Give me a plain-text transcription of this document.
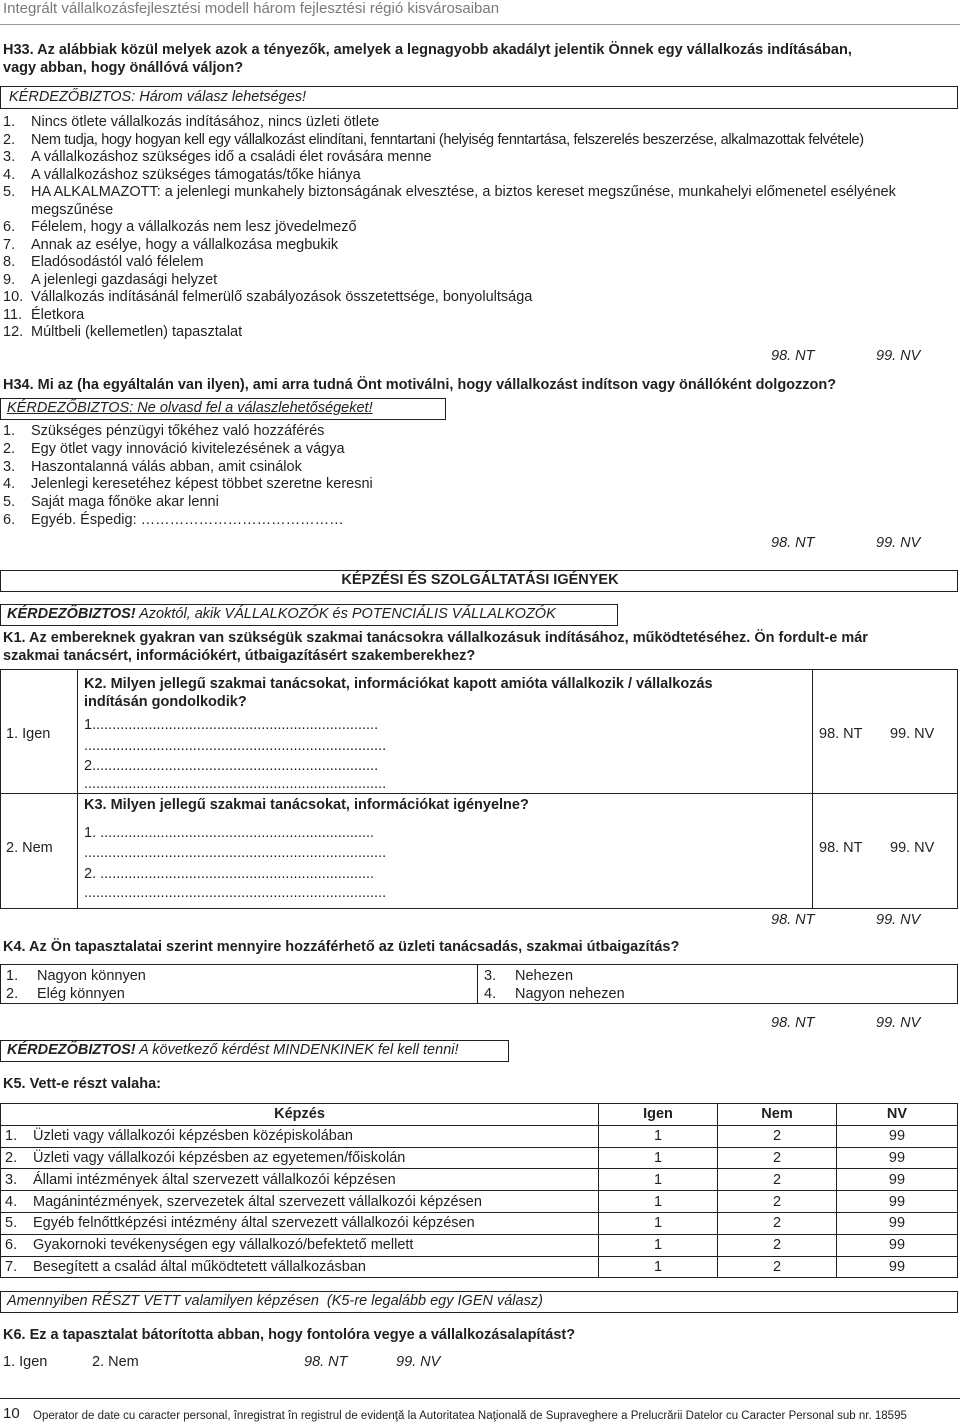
Integrált vállalkozásfejlesztési modell három fejlesztési régió kisvárosaiban
H33. Az alábbiak közül melyek azok a tényezők, amelyek a legnagyobb akadályt jelentik Önnek egy vállalkozás indításában,
vagy abban, hogy önállóvá váljon?
KÉRDEZŐBIZTOS: Három válasz lehetséges!
1.	Nincs ötlete vállalkozás indításához, nincs üzleti ötlete
2.	Nem tudja, hogy hogyan kell egy vállalkozást elindítani, fenntartani (helyiség fenntartása, felszerelés beszerzése, alkalmazottak felvétele)
3.	A vállalkozáshoz szükséges idő a családi élet rovására menne
4.	A vállalkozáshoz szükséges támogatás/tőke hiánya
5.	HA ALKALMAZOTT: a jelenlegi munkahely biztonságának elvesztése, a biztos kereset megszűnése, munkahelyi előmenetel esélyének megszűnése
6.	Félelem, hogy a vállalkozás nem lesz jövedelmező
7.	Annak az esélye, hogy a vállalkozása megbukik
8.	Eladósodástól való félelem
9.	A jelenlegi gazdasági helyzet
10. Vállalkozás indításánál felmerülő szabályozások összetettsége, bonyolultsága
11. Életkora
12. Múltbeli (kellemetlen) tapasztalat
98. NT	99. NV
H34. Mi az (ha egyáltalán van ilyen), ami arra tudná Önt motiválni, hogy vállalkozást indítson vagy önállóként dolgozzon?
KÉRDEZŐBIZTOS: Ne olvasd fel a válaszlehetőségeket!
1.	Szükséges pénzügyi tőkéhez való hozzáférés
2.	Egy ötlet vagy innováció kivitelezésének a vágya
3.	Haszontalanná válás abban, amit csinálok
4.	Jelenlegi keresetéhez képest többet szeretne keresni
5.	Saját maga főnöke akar lenni
6.	Egyéb. Éspedig: ……………………………………
98. NT	99. NV
KÉPZÉSI ÉS SZOLGÁLTATÁSI IGÉNYEK
KÉRDEZŐBIZTOS! Azoktól, akik VÁLLALKOZÓK és POTENCIÁLIS VÁLLALKOZÓK
K1. Az embereknek gyakran van szükségük szakmai tanácsokra vállalkozásuk indításához, működtetéséhez. Ön fordult-e már
szakmai tanácsért, információkért, útbaigazításért szakemberekhez?
1. Igen
2. Nem
K2. Milyen jellegű szakmai tanácsokat, információkat kapott amióta vállalkozik / vállalkozás
indításán gondolkodik?
1.......................................................................
...........................................................................
2.......................................................................
...........................................................................
98. NT 99. NV
K3. Milyen jellegű szakmai tanácsokat, információkat igényelne?
1. ....................................................................
...........................................................................
2. ....................................................................
...........................................................................
98. NT 99. NV
98. NT	99. NV
K4. Az Ön tapasztalatai szerint mennyire hozzáférhető az üzleti tanácsadás, szakmai útbaigazítás?
1. Nagyon könnyen
2. Elég könnyen
3. Nehezen
4. Nagyon nehezen
98. NT	99. NV
KÉRDEZŐBIZTOS! A következő kérdést MINDENKINEK fel kell tenni!
K5. Vett-e részt valaha:
Képzés	Igen	Nem	NV
1. Üzleti vagy vállalkozói képzésben középiskolában	1	2	99
2. Üzleti vagy vállalkozói képzésben az egyetemen/főiskolán	1	2	99
3. Állami intézmények által szervezett vállalkozói képzésen	1	2	99
4. Magánintézmények, szervezetek által szervezett vállalkozói képzésen	1	2	99
5. Egyéb felnőttképzési intézmény által szervezett vállalkozói képzésen	1	2	99
6. Gyakornoki tevékenységen egy vállalkozó/befektető mellett	1	2	99
7. Besegített a család által működtetett vállalkozásban	1	2	99
Amennyiben RÉSZT VETT valamilyen képzésen  (K5-re legalább egy IGEN válasz)
K6. Ez a tapasztalat bátorította abban, hogy fontolóra vegye a vállalkozásalapítást?
1. Igen	2. Nem	98. NT	99. NV
10 Operator de date cu caracter personal, înregistrat în registrul de evidenţă la Autoritatea Naţională de Supraveghere a Prelucrării Datelor cu Caracter Personal sub nr. 18595
